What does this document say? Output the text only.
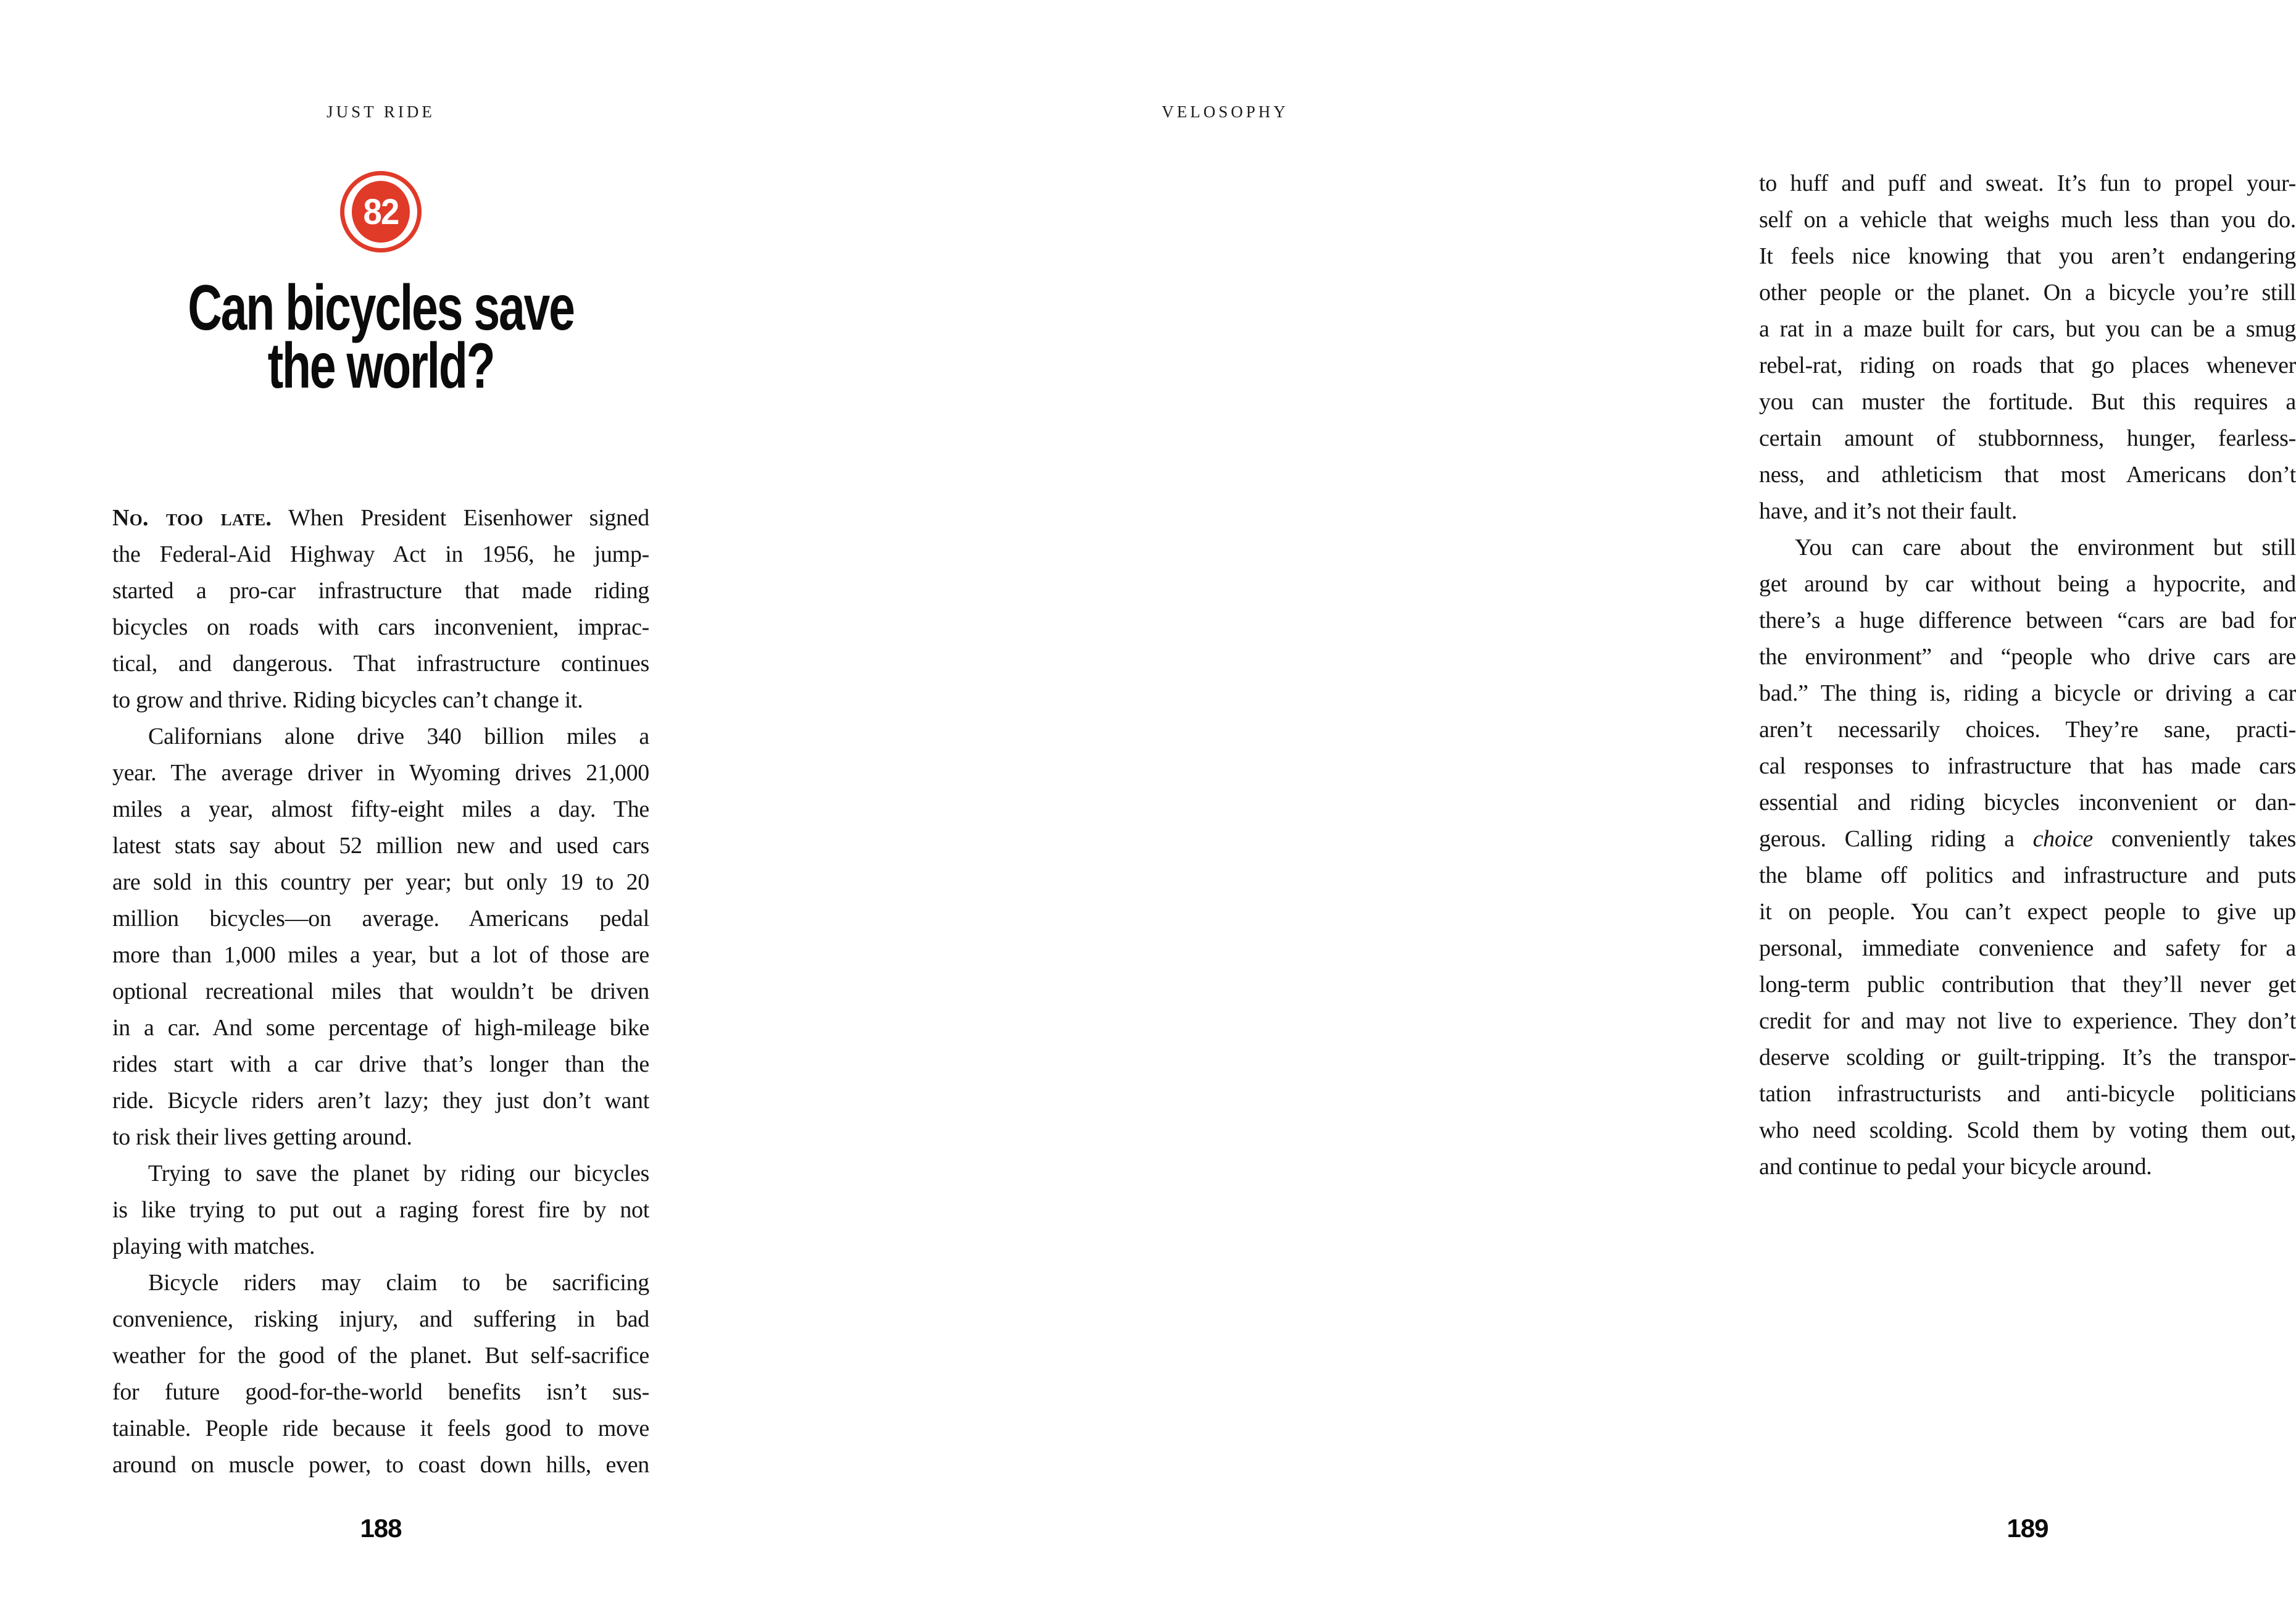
JUST RIDE
82
Can bicycles save
the world?
No. too late. When President Eisenhower signed
the Federal-Aid Highway Act in 1956, he jump-
started a pro-car infrastructure that made riding
bicycles on roads with cars inconvenient, imprac-
tical, and dangerous. That infrastructure continues
to grow and thrive. Riding bicycles can’t change it.
Californians alone drive 340 billion miles a
year. The average driver in Wyoming drives 21,000
miles a year, almost fifty-eight miles a day. The
latest stats say about 52 million new and used cars
are sold in this country per year; but only 19 to 20
million bicycles—on average. Americans pedal
more than 1,000 miles a year, but a lot of those are
optional recreational miles that wouldn’t be driven
in a car. And some percentage of high-mileage bike
rides start with a car drive that’s longer than the
ride. Bicycle riders aren’t lazy; they just don’t want
to risk their lives getting around.
Trying to save the planet by riding our bicycles
is like trying to put out a raging forest fire by not
playing with matches.
Bicycle riders may claim to be sacrificing
convenience, risking injury, and suffering in bad
weather for the good of the planet. But self-sacrifice
for future good-for-the-world benefits isn’t sus-
tainable. People ride because it feels good to move
around on muscle power, to coast down hills, even
188
VELOSOPHY
to huff and puff and sweat. It’s fun to propel your-
self on a vehicle that weighs much less than you do.
It feels nice knowing that you aren’t endangering
other people or the planet. On a bicycle you’re still
a rat in a maze built for cars, but you can be a smug
rebel-rat, riding on roads that go places whenever
you can muster the fortitude. But this requires a
certain amount of stubbornness, hunger, fearless-
ness, and athleticism that most Americans don’t
have, and it’s not their fault.
You can care about the environment but still
get around by car without being a hypocrite, and
there’s a huge difference between “cars are bad for
the environment” and “people who drive cars are
bad.” The thing is, riding a bicycle or driving a car
aren’t necessarily choices. They’re sane, practi-
cal responses to infrastructure that has made cars
essential and riding bicycles inconvenient or dan-
gerous. Calling riding a choice conveniently takes
the blame off politics and infrastructure and puts
it on people. You can’t expect people to give up
personal, immediate convenience and safety for a
long-term public contribution that they’ll never get
credit for and may not live to experience. They don’t
deserve scolding or guilt-tripping. It’s the transpor-
tation infrastructurists and anti-bicycle politicians
who need scolding. Scold them by voting them out,
and continue to pedal your bicycle around.
189
